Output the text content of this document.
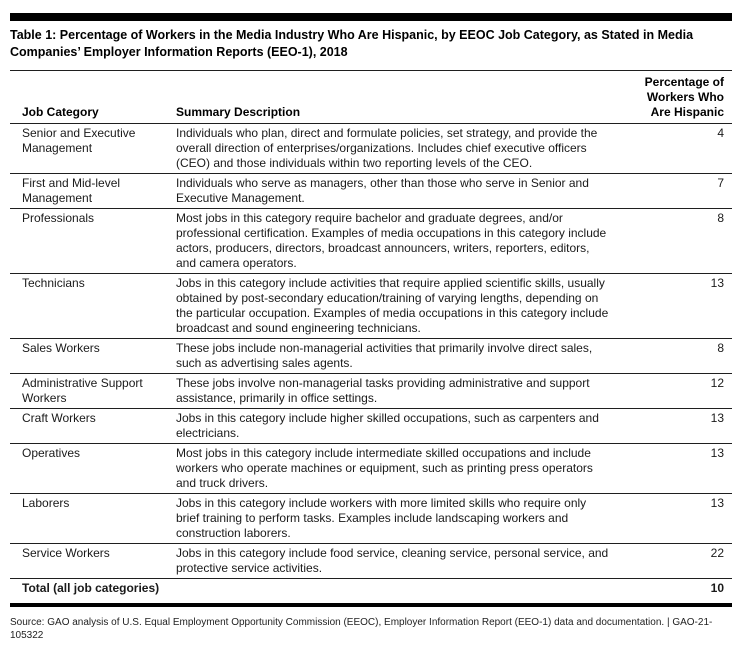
Table 1: Percentage of Workers in the Media Industry Who Are Hispanic, by EEOC Job Category, as Stated in Media Companies’ Employer Information Reports (EEO-1), 2018
Job Category	Summary Description	Percentage of Workers Who Are Hispanic
Senior and Executive Management	Individuals who plan, direct and formulate policies, set strategy, and provide the overall direction of enterprises/organizations. Includes chief executive officers (CEO) and those individuals within two reporting levels of the CEO.	4
First and Mid-level Management	Individuals who serve as managers, other than those who serve in Senior and Executive Management.	7
Professionals	Most jobs in this category require bachelor and graduate degrees, and/or professional certification. Examples of media occupations in this category include actors, producers, directors, broadcast announcers, writers, reporters, editors, and camera operators.	8
Technicians	Jobs in this category include activities that require applied scientific skills, usually obtained by post-secondary education/training of varying lengths, depending on the particular occupation. Examples of media occupations in this category include broadcast and sound engineering technicians.	13
Sales Workers	These jobs include non-managerial activities that primarily involve direct sales, such as advertising sales agents.	8
Administrative Support Workers	These jobs involve non-managerial tasks providing administrative and support assistance, primarily in office settings.	12
Craft Workers	Jobs in this category include higher skilled occupations, such as carpenters and electricians.	13
Operatives	Most jobs in this category include intermediate skilled occupations and include workers who operate machines or equipment, such as printing press operators and truck drivers.	13
Laborers	Jobs in this category include workers with more limited skills who require only brief training to perform tasks. Examples include landscaping workers and construction laborers.	13
Service Workers	Jobs in this category include food service, cleaning service, personal service, and protective service activities.	22
Total (all job categories)		10
Source: GAO analysis of U.S. Equal Employment Opportunity Commission (EEOC), Employer Information Report (EEO-1) data and documentation. | GAO-21-105322
